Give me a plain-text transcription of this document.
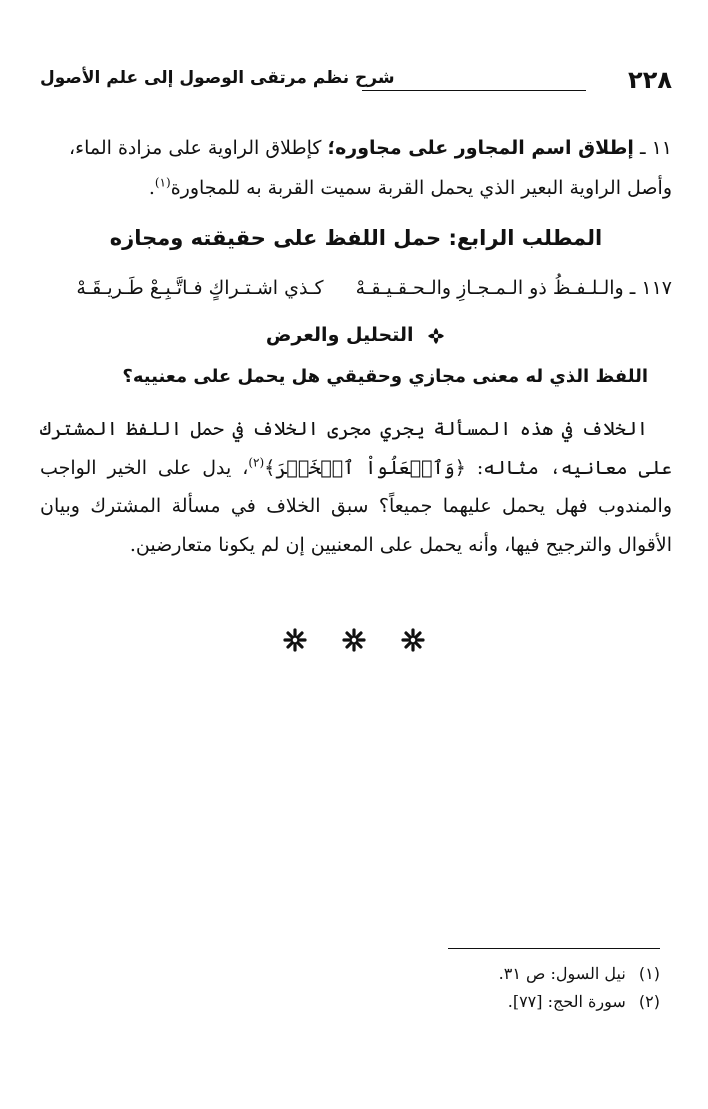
٢٢٨
شرح نظم مرتقى الوصول إلى علم الأصول
١١ ـ إطلاق اسم المجاور على مجاوره؛ كإطلاق الراوية على مزادة الماء،
وأصل الراوية البعير الذي يحمل القربة سميت القربة به للمجاورة$^{(١)}$.
المطلب الرابع: حمل اللفظ على حقيقته ومجازه
١١٧ ـ والـلـفـظُ ذو الـمـجـازِ والـحـقـيـقـهْ كـذي اشـتـراكٍ فـاتَّـبِـعْ طَـريـقَـهْ
التحليل والعرض
اللفظ الذي له معنى مجازي وحقيقي هل يحمل على معنييه؟
الخلاف في هذه المسألة يجري مجرى الخلاف في حمل اللفظ المشترك على معانيه، مثاله: ﴿وَٱفۡعَلُواْ ٱلۡخَيۡرَ﴾$^{(٢)}$، يدل على الخير الواجب والمندوب فهل يحمل عليهما جميعاً؟ سبق الخلاف في مسألة المشترك وبيان الأقوال والترجيح فيها، وأنه يحمل على المعنيين إن لم يكونا متعارضين.

(١) نيل السول: ص ٣١.
(٢) سورة الحج: [٧٧].
